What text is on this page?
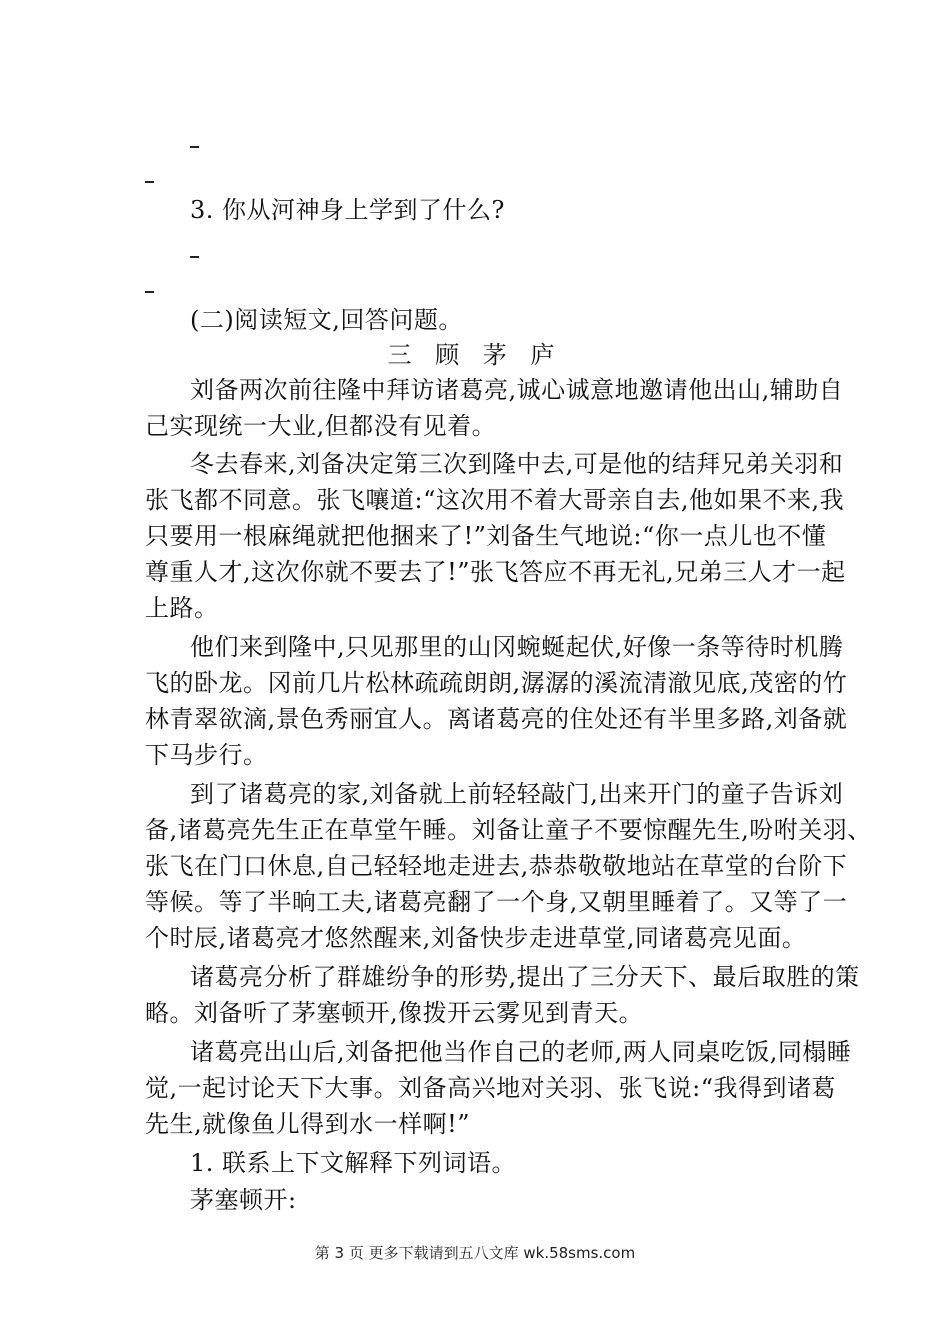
3. 你从河神身上学到了什么?
(二)阅读短文,回答问题。
三 顾 茅 庐
刘备两次前往隆中拜访诸葛亮,诚心诚意地邀请他出山,辅助自
己实现统一大业,但都没有见着。
冬去春来,刘备决定第三次到隆中去,可是他的结拜兄弟关羽和
张飞都不同意。张飞嚷道:“这次用不着大哥亲自去,他如果不来,我
只要用一根麻绳就把他捆来了!”刘备生气地说:“你一点儿也不懂
尊重人才,这次你就不要去了!”张飞答应不再无礼,兄弟三人才一起
上路。
他们来到隆中,只见那里的山冈蜿蜒起伏,好像一条等待时机腾
飞的卧龙。冈前几片松林疏疏朗朗,潺潺的溪流清澈见底,茂密的竹
林青翠欲滴,景色秀丽宜人。离诸葛亮的住处还有半里多路,刘备就
下马步行。
到了诸葛亮的家,刘备就上前轻轻敲门,出来开门的童子告诉刘
备,诸葛亮先生正在草堂午睡。刘备让童子不要惊醒先生,吩咐关羽、
张飞在门口休息,自己轻轻地走进去,恭恭敬敬地站在草堂的台阶下
等候。等了半晌工夫,诸葛亮翻了一个身,又朝里睡着了。又等了一
个时辰,诸葛亮才悠然醒来,刘备快步走进草堂,同诸葛亮见面。
诸葛亮分析了群雄纷争的形势,提出了三分天下、最后取胜的策
略。刘备听了茅塞顿开,像拨开云雾见到青天。
诸葛亮出山后,刘备把他当作自己的老师,两人同桌吃饭,同榻睡
觉,一起讨论天下大事。刘备高兴地对关羽、张飞说:“我得到诸葛
先生,就像鱼儿得到水一样啊!”
1. 联系上下文解释下列词语。
茅塞顿开:
第 3 页 更多下载请到五八文库 wk.58sms.com
